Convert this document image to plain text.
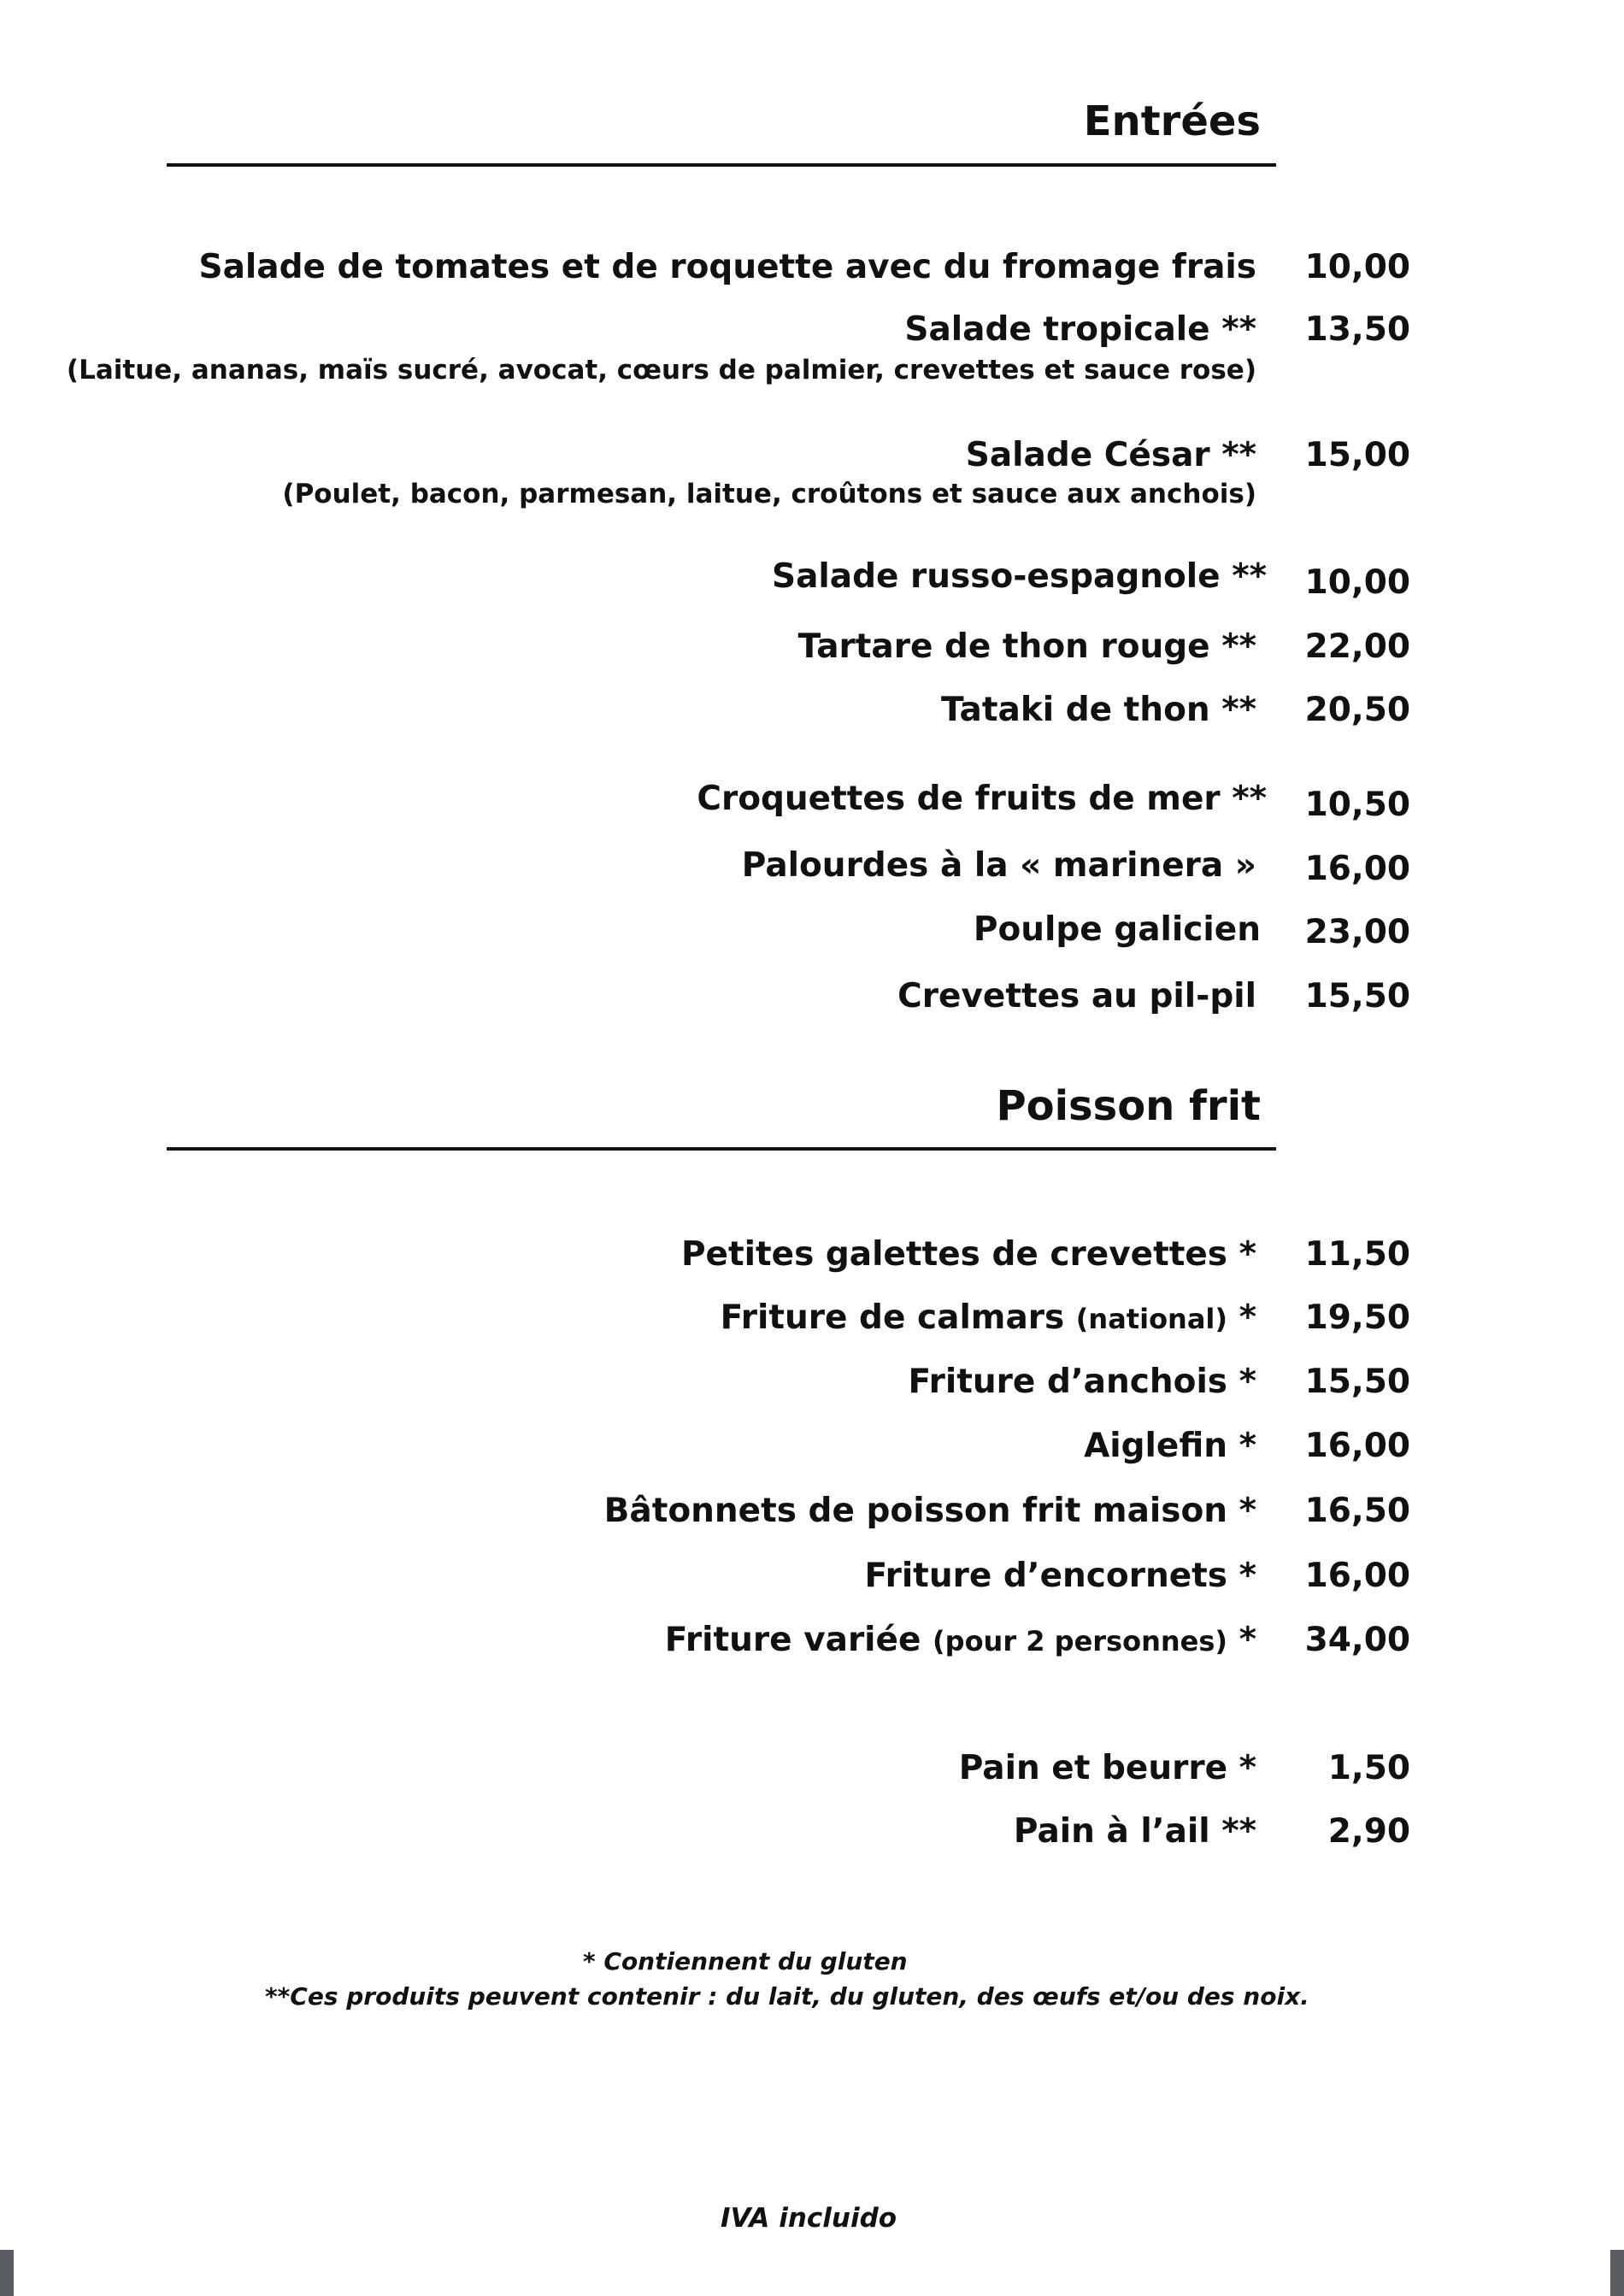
Entrées
Salade de tomates et de roquette avec du fromage frais 10,00
Salade tropicale ** 13,50
(Laitue, ananas, maïs sucré, avocat, cœurs de palmier, crevettes et sauce rose)
Salade César ** 15,00
(Poulet, bacon, parmesan, laitue, croûtons et sauce aux anchois)
Salade russo-espagnole ** 10,00
Tartare de thon rouge ** 22,00
Tataki de thon ** 20,50
Croquettes de fruits de mer ** 10,50
Palourdes à la « marinera » 16,00
Poulpe galicien 23,00
Crevettes au pil-pil 15,50
Poisson frit
Petites galettes de crevettes * 11,50
Friture de calmars (national) * 19,50
Friture d’anchois * 15,50
Aiglefin * 16,00
Bâtonnets de poisson frit maison * 16,50
Friture d’encornets * 16,00
Friture variée (pour 2 personnes) * 34,00
Pain et beurre * 1,50
Pain à l’ail ** 2,90
* Contiennent du gluten
**Ces produits peuvent contenir : du lait, du gluten, des œufs et/ou des noix.
IVA incluido
